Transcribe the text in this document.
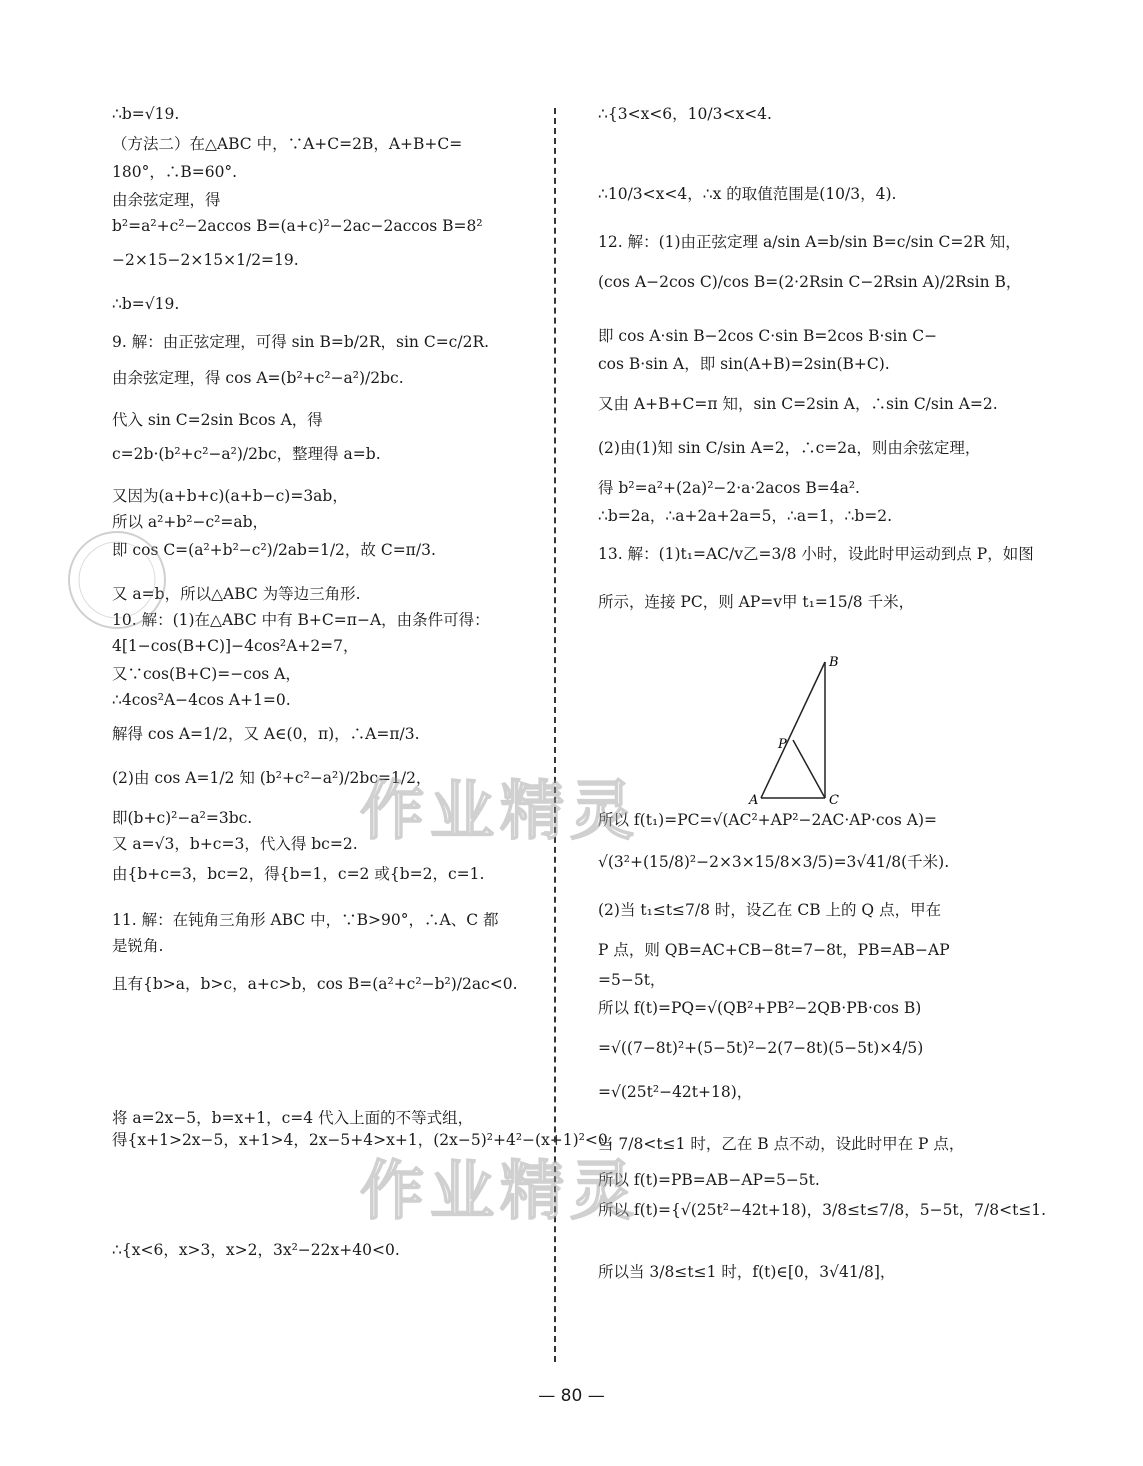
∴b=√19.
（方法二）在△ABC 中，∵A+C=2B，A+B+C=
180°，∴B=60°.
由余弦定理，得
b²=a²+c²−2accos B=(a+c)²−2ac−2accos B=8²
−2×15−2×15×1/2=19.
∴b=√19.
9. 解：由正弦定理，可得 sin B=b/2R，sin C=c/2R.
由余弦定理，得 cos A=(b²+c²−a²)/2bc.
代入 sin C=2sin Bcos A，得
c=2b·(b²+c²−a²)/2bc，整理得 a=b.
又因为(a+b+c)(a+b−c)=3ab，
所以 a²+b²−c²=ab，
即 cos C=(a²+b²−c²)/2ab=1/2，故 C=π/3.
又 a=b，所以△ABC 为等边三角形.
10. 解：(1)在△ABC 中有 B+C=π−A，由条件可得：
4[1−cos(B+C)]−4cos²A+2=7，
又∵cos(B+C)=−cos A，
∴4cos²A−4cos A+1=0.
解得 cos A=1/2，又 A∈(0，π)，∴A=π/3.
(2)由 cos A=1/2 知 (b²+c²−a²)/2bc=1/2，
即(b+c)²−a²=3bc.
又 a=√3，b+c=3，代入得 bc=2.
由{b+c=3，bc=2，得{b=1，c=2 或{b=2，c=1.
11. 解：在钝角三角形 ABC 中，∵B>90°，∴A、C 都
是锐角.
且有{b>a，b>c，a+c>b，cos B=(a²+c²−b²)/2ac<0.
将 a=2x−5，b=x+1，c=4 代入上面的不等式组，
得{x+1>2x−5，x+1>4，2x−5+4>x+1，(2x−5)²+4²−(x+1)²<0.
∴{x<6，x>3，x>2，3x²−22x+40<0.
∴{3<x<6，10/3<x<4.
∴10/3<x<4，∴x 的取值范围是(10/3，4).
12. 解：(1)由正弦定理 a/sin A=b/sin B=c/sin C=2R 知，
(cos A−2cos C)/cos B=(2·2Rsin C−2Rsin A)/2Rsin B，
即 cos A·sin B−2cos C·sin B=2cos B·sin C−
cos B·sin A，即 sin(A+B)=2sin(B+C).
又由 A+B+C=π 知，sin C=2sin A，∴sin C/sin A=2.
(2)由(1)知 sin C/sin A=2，∴c=2a，则由余弦定理，
得 b²=a²+(2a)²−2·a·2acos B=4a².
∴b=2a，∴a+2a+2a=5，∴a=1，∴b=2.
13. 解：(1)t₁=AC/v乙=3/8 小时，设此时甲运动到点 P，如图
所示，连接 PC，则 AP=v甲 t₁=15/8 千米，
所以 f(t₁)=PC=√(AC²+AP²−2AC·AP·cos A)=
√(3²+(15/8)²−2×3×15/8×3/5)=3√41/8(千米).
(2)当 t₁≤t≤7/8 时，设乙在 CB 上的 Q 点，甲在
P 点，则 QB=AC+CB−8t=7−8t，PB=AB−AP
=5−5t，
所以 f(t)=PQ=√(QB²+PB²−2QB·PB·cos B)
=√((7−8t)²+(5−5t)²−2(7−8t)(5−5t)×4/5)
=√(25t²−42t+18)，
当 7/8<t≤1 时，乙在 B 点不动，设此时甲在 P 点，
所以 f(t)=PB=AB−AP=5−5t.
所以 f(t)={√(25t²−42t+18)，3/8≤t≤7/8，5−5t，7/8<t≤1.
所以当 3/8≤t≤1 时，f(t)∈[0，3√41/8]，
A	C
B
P
作业精灵
作业精灵
— 80 —
